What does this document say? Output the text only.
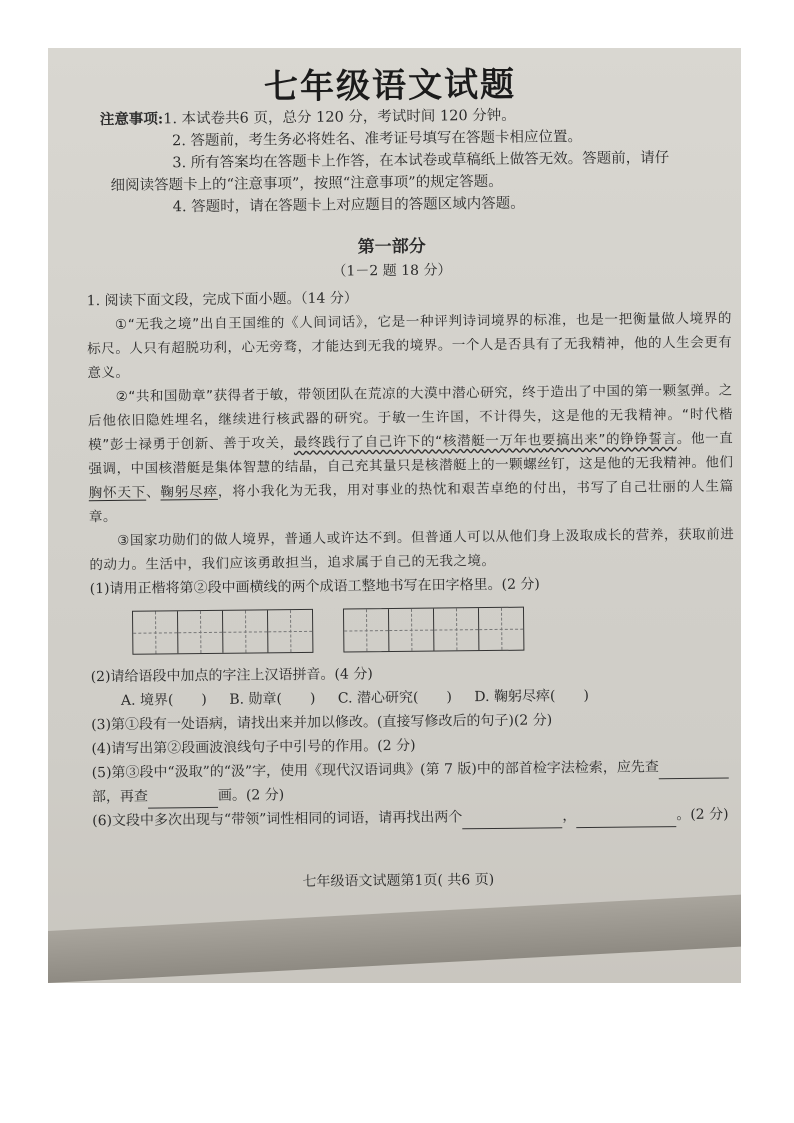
七年级语文试题
注意事项:1. 本试卷共6 页，总分 120 分，考试时间 120 分钟。
2. 答题前，考生务必将姓名、准考证号填写在答题卡相应位置。
3. 所有答案均在答题卡上作答，在本试卷或草稿纸上做答无效。答题前，请仔
细阅读答题卡上的“注意事项”，按照“注意事项”的规定答题。
4. 答题时，请在答题卡上对应题目的答题区域内答题。
第一部分
（1－2 题 18 分）

1. 阅读下面文段，完成下面小题。（14 分）

①“无我之境”出自王国维的《人间词话》，它是一种评判诗词境界的标准，也是一把衡量做人境界的标尺。人只有超脱功利，心无旁骛，才能达到无我的境界。一个人是否具有了无我精神，他的人生会更有意义。

②“共和国勋章”获得者于敏，带领团队在荒凉的大漠中潜心研究，终于造出了中国的第一颗氢弹。之后他依旧隐姓埋名，继续进行核武器的研究。于敏一生许国，不计得失，这是他的无我精神。“时代楷模”彭士禄勇于创新、善于攻关，最终践行了自己许下的“核潜艇一万年也要搞出来”的铮铮誓言。他一直强调，中国核潜艇是集体智慧的结晶，自己充其量只是核潜艇上的一颗螺丝钉，这是他的无我精神。他们胸怀天下、鞠躬尽瘁，将小我化为无我，用对事业的热忱和艰苦卓绝的付出，书写了自己壮丽的人生篇章。

③国家功勋们的做人境界，普通人或许达不到。但普通人可以从他们身上汲取成长的营养，获取前进的动力。生活中，我们应该勇敢担当，追求属于自己的无我之境。

(1)请用正楷将第②段中画横线的两个成语工整地书写在田字格里。(2 分)

(2)请给语段中加点的字注上汉语拼音。(4 分)

A. 境界(　　) B. 勋章(　　) C. 潜心研究(　　) D. 鞠躬尽瘁(　　)

(3)第①段有一处语病，请找出来并加以修改。(直接写修改后的句子)(2 分)

(4)请写出第②段画波浪线句子中引号的作用。(2 分)

(5)第③段中“汲取”的“汲”字，使用《现代汉语词典》(第 7 版)中的部首检字法检索，应先查部，再查	画。(2 分)

(6)文段中多次出现与“带领”词性相同的词语，请再找出两个	，	。(2 分)

七年级语文试题第1页( 共6 页)
